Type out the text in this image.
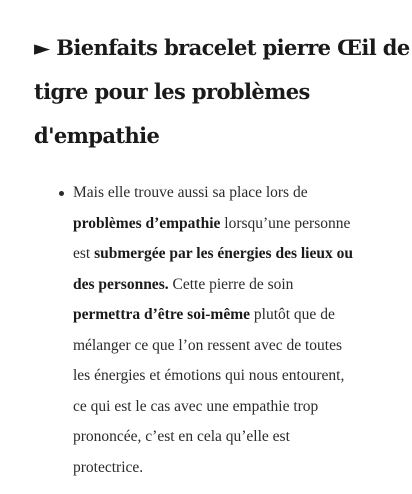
► Bienfaits bracelet pierre Œil de
tigre pour les problèmes
d'empathie
Mais elle trouve aussi sa place lors de
problèmes d’empathie lorsqu’une personne
est submergée par les énergies des lieux ou
des personnes. Cette pierre de soin
permettra d’être soi-même plutôt que de
mélanger ce que l’on ressent avec de toutes
les énergies et émotions qui nous entourent,
ce qui est le cas avec une empathie trop
prononcée, c’est en cela qu’elle est
protectrice.
